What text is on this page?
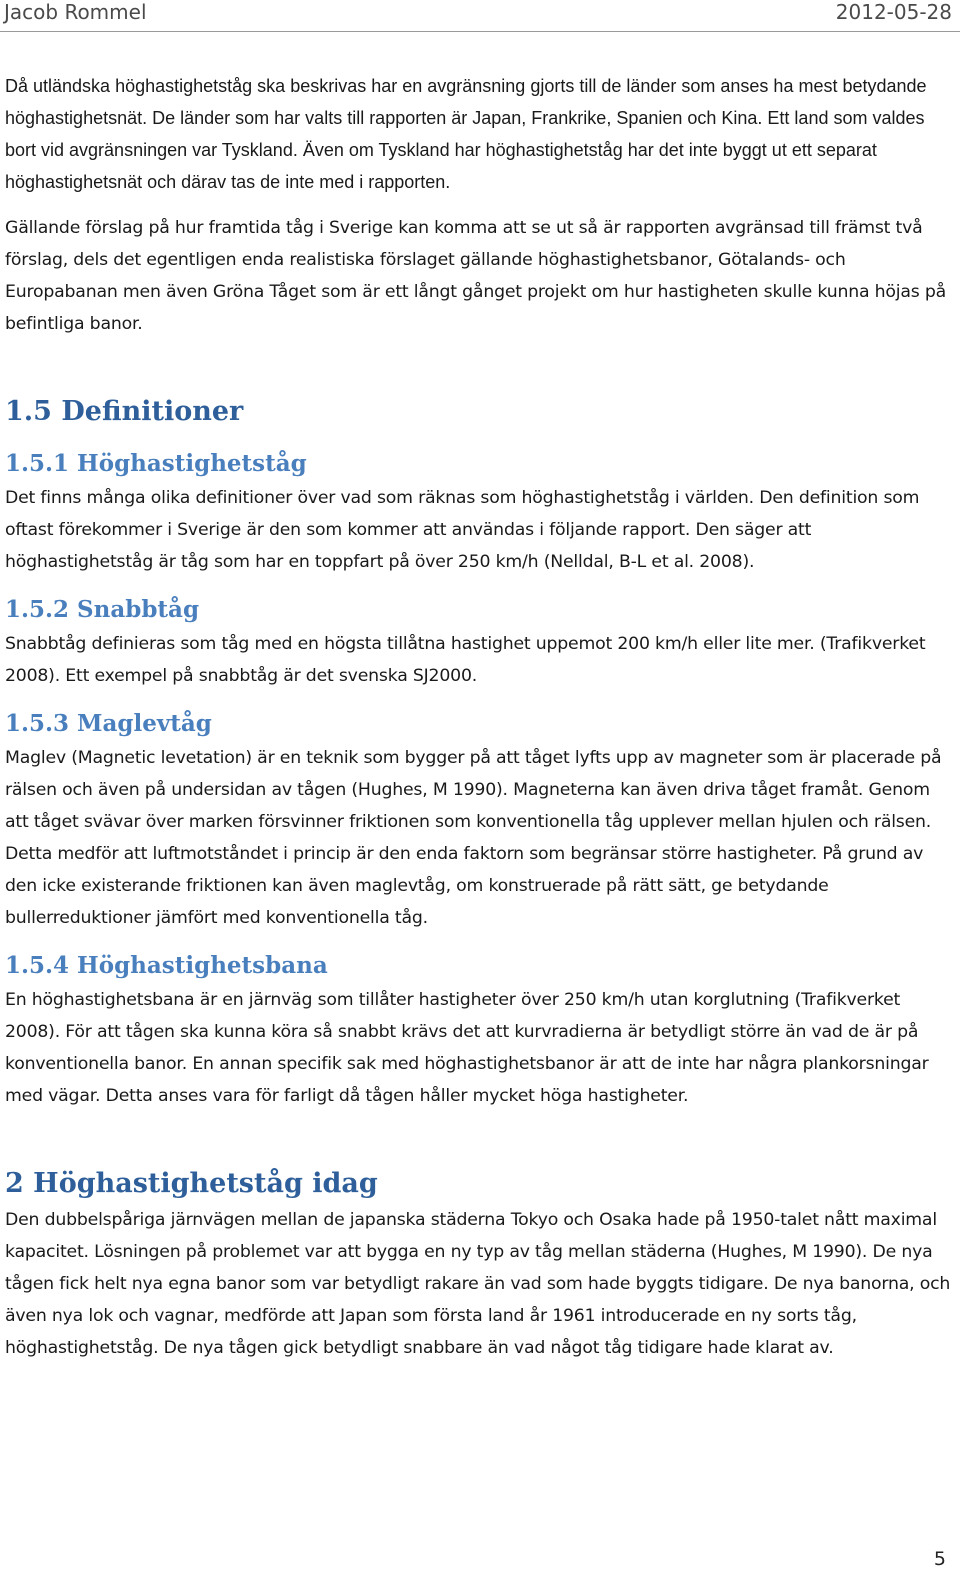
Jacob Rommel	2012-05-28

Då utländska höghastighetståg ska beskrivas har en avgränsning gjorts till de länder som anses ha mest betydande höghastighetsnät. De länder som har valts till rapporten är Japan, Frankrike, Spanien och Kina. Ett land som valdes bort vid avgränsningen var Tyskland. Även om Tyskland har höghastighetståg har det inte byggt ut ett separat höghastighetsnät och därav tas de inte med i rapporten.

Gällande förslag på hur framtida tåg i Sverige kan komma att se ut så är rapporten avgränsad till främst två förslag, dels det egentligen enda realistiska förslaget gällande höghastighetsbanor, Götalands- och Europabanan men även Gröna Tåget som är ett långt gånget projekt om hur hastigheten skulle kunna höjas på befintliga banor.

1.5 Definitioner
1.5.1 Höghastighetståg

Det finns många olika definitioner över vad som räknas som höghastighetståg i världen. Den definition som oftast förekommer i Sverige är den som kommer att användas i följande rapport. Den säger att höghastighetståg är tåg som har en toppfart på över 250 km/h (Nelldal, B-L et al. 2008).

1.5.2 Snabbtåg

Snabbtåg definieras som tåg med en högsta tillåtna hastighet uppemot 200 km/h eller lite mer. (Trafikverket 2008). Ett exempel på snabbtåg är det svenska SJ2000.

1.5.3 Maglevtåg

Maglev (Magnetic levetation) är en teknik som bygger på att tåget lyfts upp av magneter som är placerade på rälsen och även på undersidan av tågen (Hughes, M 1990). Magneterna kan även driva tåget framåt. Genom att tåget svävar över marken försvinner friktionen som konventionella tåg upplever mellan hjulen och rälsen. Detta medför att luftmotståndet i princip är den enda faktorn som begränsar större hastigheter. På grund av den icke existerande friktionen kan även maglevtåg, om konstruerade på rätt sätt, ge betydande bullerreduktioner jämfört med konventionella tåg.

1.5.4 Höghastighetsbana

En höghastighetsbana är en järnväg som tillåter hastigheter över 250 km/h utan korglutning (Trafikverket 2008). För att tågen ska kunna köra så snabbt krävs det att kurvradierna är betydligt större än vad de är på konventionella banor. En annan specifik sak med höghastighetsbanor är att de inte har några plankorsningar med vägar. Detta anses vara för farligt då tågen håller mycket höga hastigheter.

2 Höghastighetståg idag

Den dubbelspåriga järnvägen mellan de japanska städerna Tokyo och Osaka hade på 1950-talet nått maximal kapacitet. Lösningen på problemet var att bygga en ny typ av tåg mellan städerna (Hughes, M 1990). De nya tågen fick helt nya egna banor som var betydligt rakare än vad som hade byggts tidigare. De nya banorna, och även nya lok och vagnar, medförde att Japan som första land år 1961 introducerade en ny sorts tåg, höghastighetståg. De nya tågen gick betydligt snabbare än vad något tåg tidigare hade klarat av.

5
